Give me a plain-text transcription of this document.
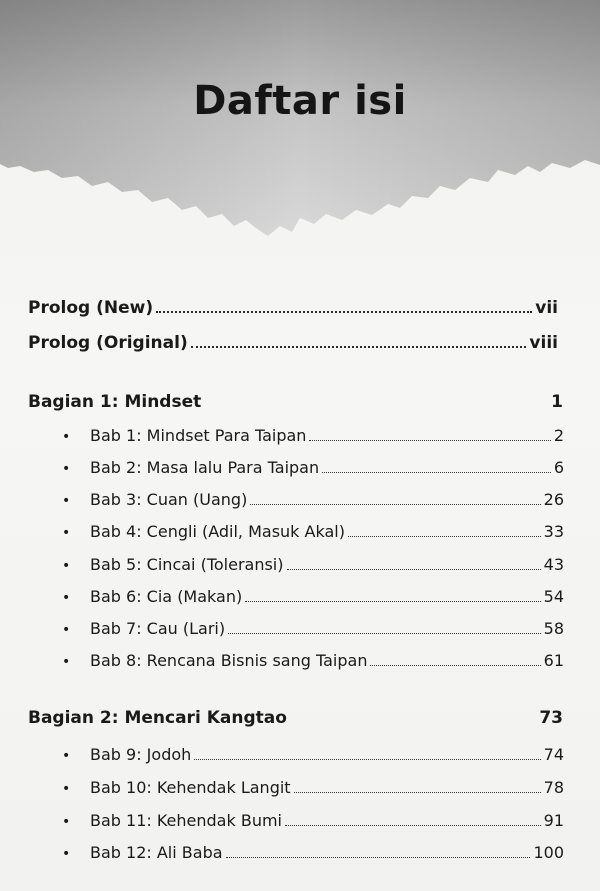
Daftar isi
Prolog (New)	vii
Prolog (Original)	viii
Bagian 1: Mindset	1
•	Bab 1: Mindset Para Taipan	2
•	Bab 2: Masa lalu Para Taipan	6
•	Bab 3: Cuan (Uang)	26
•	Bab 4: Cengli (Adil, Masuk Akal)	33
•	Bab 5: Cincai (Toleransi)	43
•	Bab 6: Cia (Makan)	54
•	Bab 7: Cau (Lari)	58
•	Bab 8: Rencana Bisnis sang Taipan	61
Bagian 2: Mencari Kangtao	73
•	Bab 9: Jodoh	74
•	Bab 10: Kehendak Langit	78
•	Bab 11: Kehendak Bumi	91
•	Bab 12: Ali Baba	100
